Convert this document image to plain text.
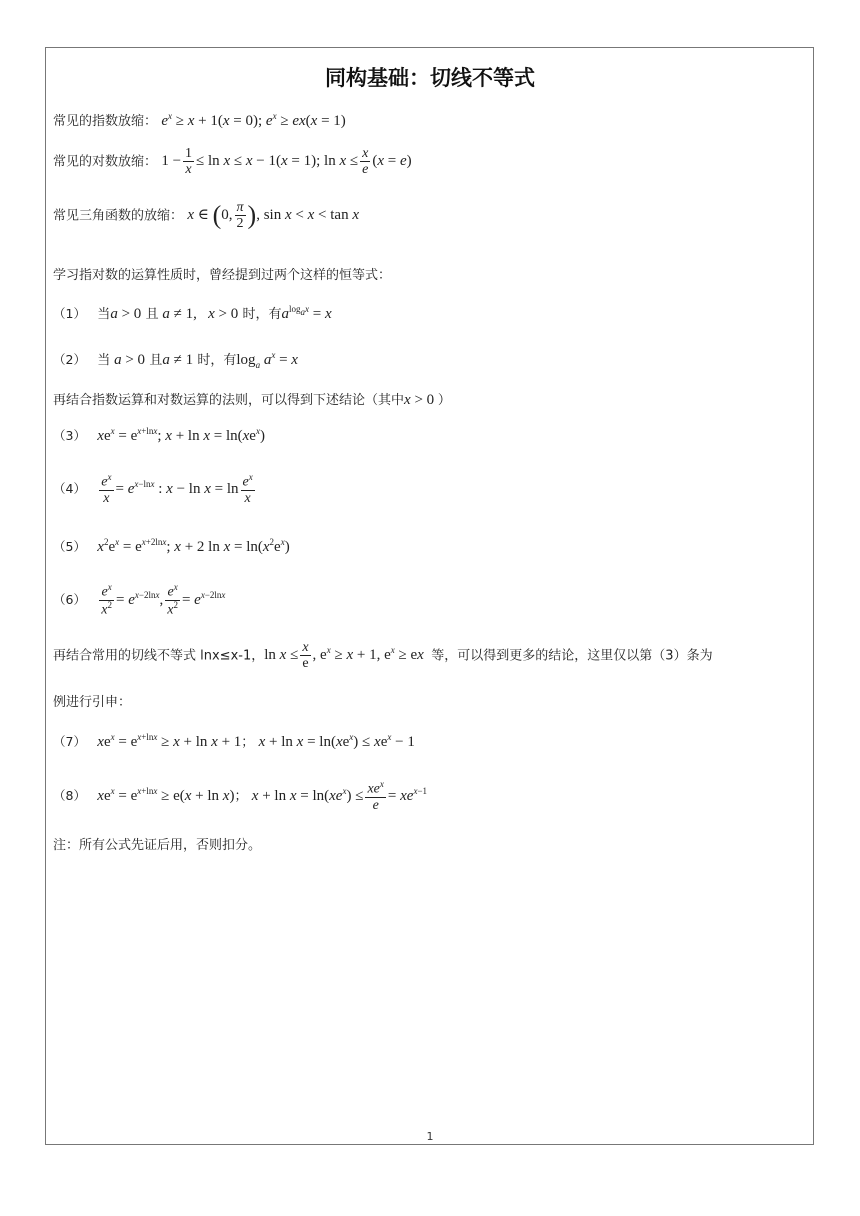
同构基础：切线不等式
常见的指数放缩： $e^x \ge x + 1(x = 0)$; $e^x \ge ex(x = 1)$
常见的对数放缩： $1 - \frac{1}{x} \le \ln x \le x - 1(x = 1)$; $\ln x \le \frac{x}{e} (x = e)$
常见三角函数的放缩： x ∈ (0, $\frac{\pi}{2}$ ), sin x < x < tan x
学习指对数的运算性质时，曾经提到过两个这样的恒等式：
（1） 当a > 0 且 a ≠ 1,   x > 0 时，有$a^{log_ax} = x$
（2） 当 a > 0 且a ≠ 1 时，有$\log_a a^x = x$
再结合指数运算和对数运算的法则，可以得到下述结论（其中x > 0 ）
（3） $xe^x = e^{x+lnx}$; $x + \ln x = \ln(xe^x)$
$(4) \frac{e^x}{x} = e^{x-lnx}$ : $x - \ln x = \ln \frac{e^x}{x}$
（5） $x^2e^x = e^{x+2lnx}$; x + 2 $\ln x = \ln(x^2e^x)$
$(6) \frac{e^x}{x^2} = e^{x-2lnx}$, $\frac{e^x}{x^2} = e^{x-2lnx}$
再结合常用的切线不等式 lnx≤x-1，$\ln x \le \frac{x}{e}$ , $e^x \ge x + 1$, $e^x$ ≥ ex 等，可以得到更多的结论，这里仅以第（3）条为
例进行引申：
（7） $xe^x = e^{x+lnx} \ge x + \ln x + 1$； $x + \ln x = \ln(xe^x) \le xe^x - 1$
（8） $xe^x = e^{x+lnx} \ge e(x + \ln x)$； $x + \ln x = \ln(xe^x) \le \frac{xe^x}{e} = xe^{x-1}$
注：所有公式先证后用，否则扣分。
1
